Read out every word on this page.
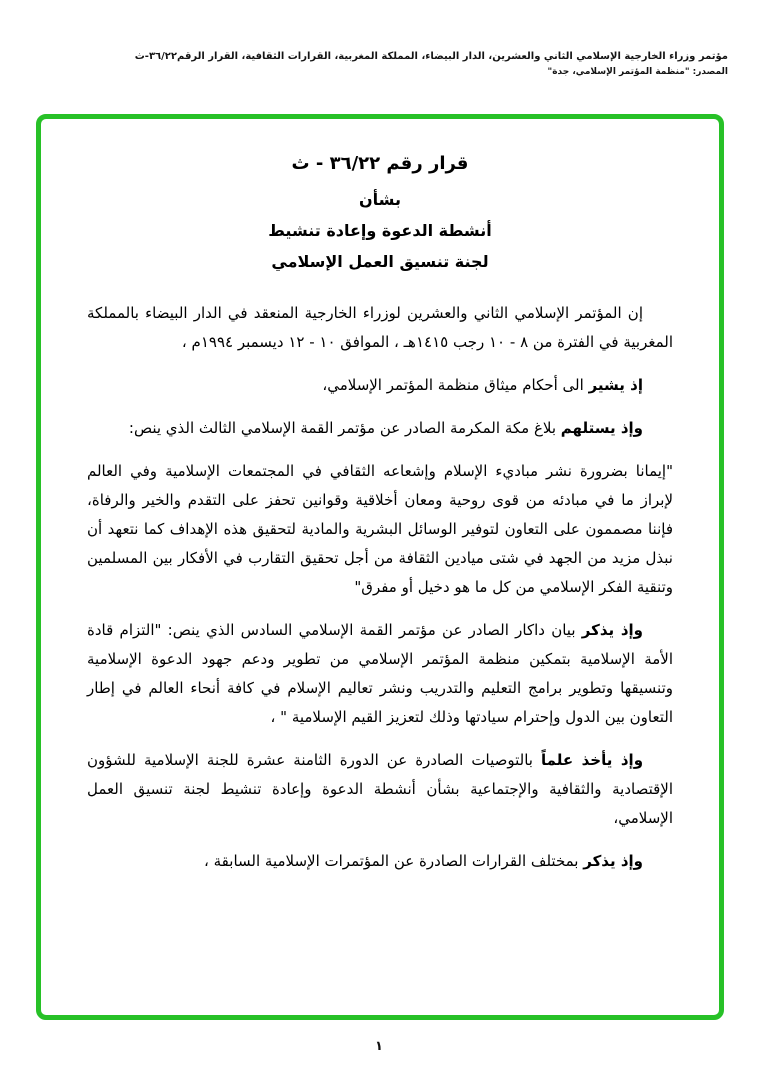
مؤتمر وزراء الخارجية الإسلامي الثاني والعشرين، الدار البيضاء، المملكة المغربية، القرارات الثقافية، القرار الرقم٣٦/٢٢-ث
المصدر: "منظمة المؤتمر الإسلامي، جدة"
قرار رقم ٣٦/٢٢ - ث
بشأن
أنشطة الدعوة وإعادة تنشيط
لجنة تنسيق العمل الإسلامي

إن المؤتمر الإسلامي الثاني والعشرين لوزراء الخارجية المنعقد في الدار البيضاء بالمملكة المغربية في الفترة من ٨ - ١٠ رجب ١٤١٥هـ ، الموافق ١٠ - ١٢ ديسمبر ١٩٩٤م ،

إذ يشير الى أحكام ميثاق منظمة المؤتمر الإسلامي،

وإذ يستلهم بلاغ مكة المكرمة الصادر عن مؤتمر القمة الإسلامي الثالث الذي ينص:

"إيمانا بضرورة نشر مباديء الإسلام وإشعاعه الثقافي في المجتمعات الإسلامية وفي العالم لإبراز ما في مبادئه من قوى روحية ومعان أخلاقية وقوانين تحفز على التقدم والخير والرفاة، فإننا مصممون على التعاون لتوفير الوسائل البشرية والمادية لتحقيق هذه الإهداف كما نتعهد أن نبذل مزيد من الجهد في شتى ميادين الثقافة من أجل تحقيق التقارب في الأفكار بين المسلمين وتنقية الفكر الإسلامي من كل ما هو دخيل أو مفرق"

وإذ يذكر بيان داكار الصادر عن مؤتمر القمة الإسلامي السادس الذي ينص: "التزام قادة الأمة الإسلامية بتمكين منظمة المؤتمر الإسلامي من تطوير ودعم جهود الدعوة الإسلامية وتنسيقها وتطوير برامج التعليم والتدريب ونشر تعاليم الإسلام في كافة أنحاء العالم في إطار التعاون بين الدول وإحترام سيادتها وذلك لتعزيز القيم الإسلامية " ،

وإذ يأخذ علماً بالتوصيات الصادرة عن الدورة الثامنة عشرة للجنة الإسلامية للشؤون الإقتصادية والثقافية والإجتماعية بشأن أنشطة الدعوة وإعادة تنشيط لجنة تنسيق العمل الإسلامي،

وإذ يذكر بمختلف القرارات الصادرة عن المؤتمرات الإسلامية السابقة ،

١
